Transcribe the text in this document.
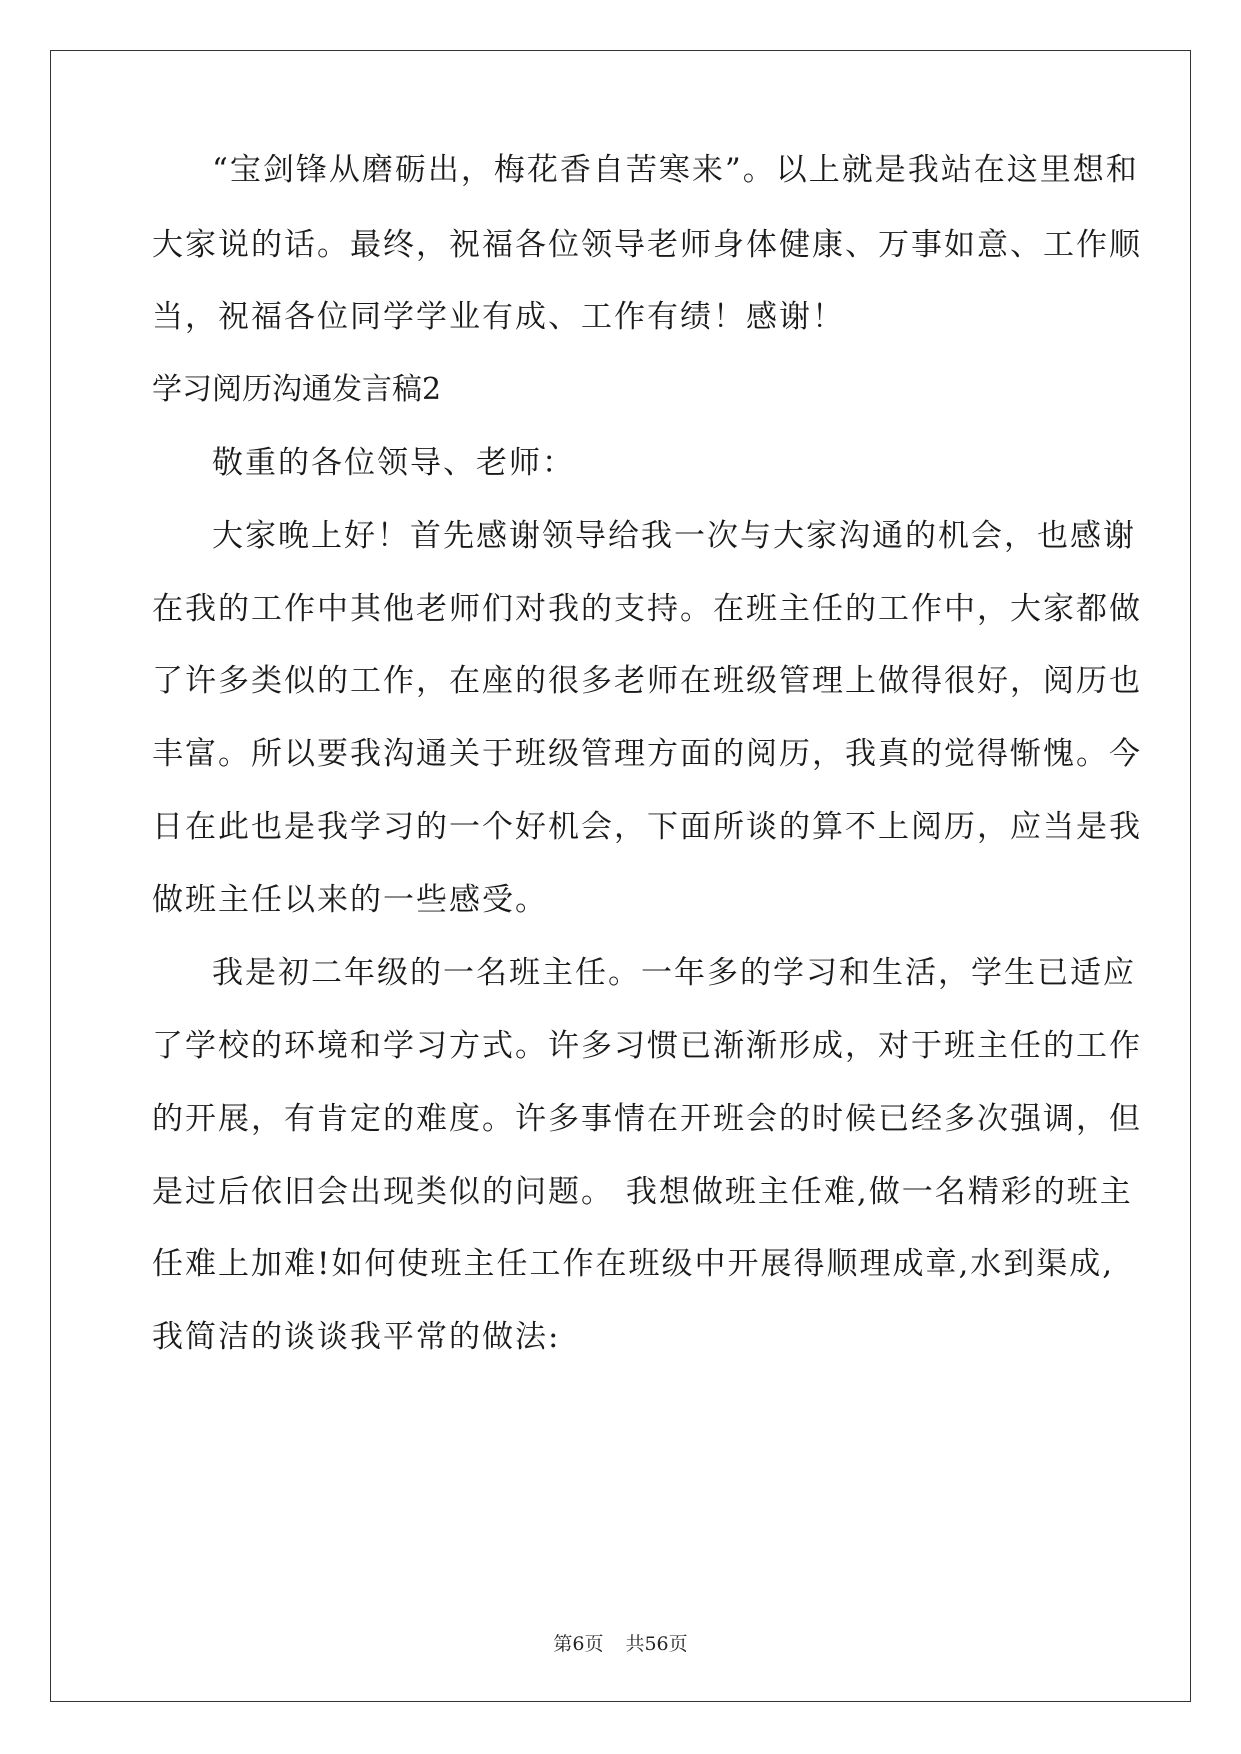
“宝剑锋从磨砺出，梅花香自苦寒来”。以上就是我站在这里想和
大家说的话。最终，祝福各位领导老师身体健康、万事如意、工作顺
当，祝福各位同学学业有成、工作有绩！感谢！
学习阅历沟通发言稿2
敬重的各位领导、老师：
大家晚上好！首先感谢领导给我一次与大家沟通的机会，也感谢
在我的工作中其他老师们对我的支持。在班主任的工作中，大家都做
了许多类似的工作，在座的很多老师在班级管理上做得很好，阅历也
丰富。所以要我沟通关于班级管理方面的阅历，我真的觉得惭愧。今
日在此也是我学习的一个好机会，下面所谈的算不上阅历，应当是我
做班主任以来的一些感受。
我是初二年级的一名班主任。一年多的学习和生活，学生已适应
了学校的环境和学习方式。许多习惯已渐渐形成，对于班主任的工作
的开展，有肯定的难度。许多事情在开班会的时候已经多次强调，但
是过后依旧会出现类似的问题。 我想做班主任难,做一名精彩的班主
任难上加难!如何使班主任工作在班级中开展得顺理成章,水到渠成,
我简洁的谈谈我平常的做法:
第6页 共56页
